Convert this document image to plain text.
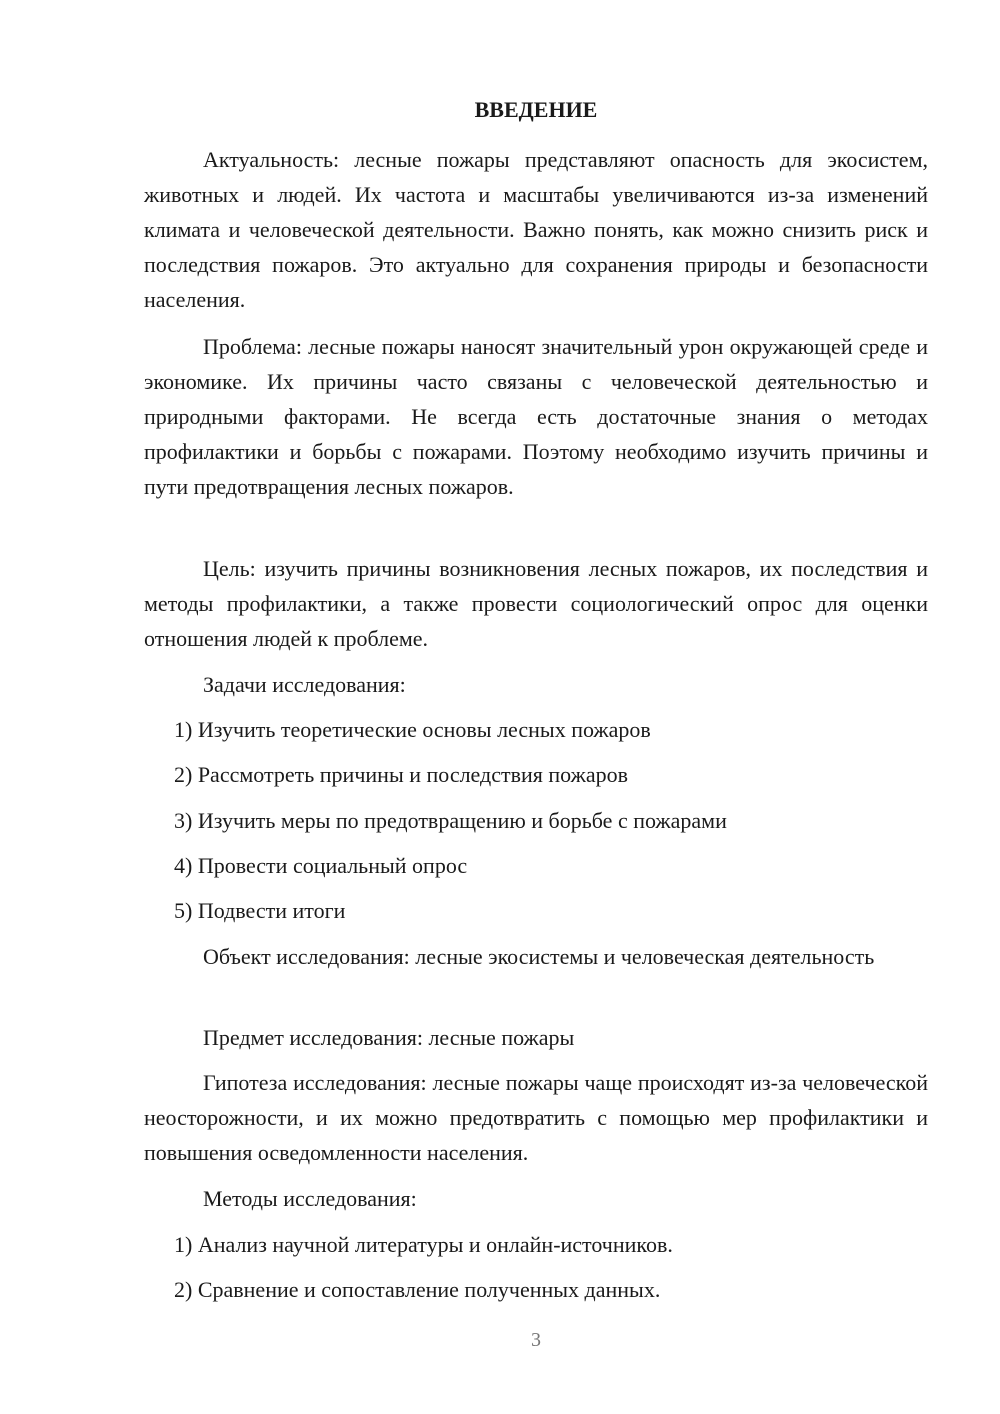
ВВЕДЕНИЕ

Актуальность: лесные пожары представляют опасность для экосистем, животных и людей. Их частота и масштабы увеличиваются из-за изменений климата и человеческой деятельности. Важно понять, как можно снизить риск и последствия пожаров. Это актуально для сохранения природы и безопасности населения.

Проблема: лесные пожары наносят значительный урон окружающей среде и экономике. Их причины часто связаны с человеческой деятельностью и природными факторами. Не всегда есть достаточные знания о методах профилактики и борьбы с пожарами. Поэтому необходимо изучить причины и пути предотвращения лесных пожаров.

Цель: изучить причины возникновения лесных пожаров, их последствия и методы профилактики, а также провести социологический опрос для оценки отношения людей к проблеме.

Задачи исследования:

1) Изучить теоретические основы лесных пожаров

2) Рассмотреть причины и последствия пожаров

3) Изучить меры по предотвращению и борьбе с пожарами

4) Провести социальный опрос

5) Подвести итоги

Объект исследования: лесные экосистемы и человеческая деятельность

Предмет исследования: лесные пожары

Гипотеза исследования: лесные пожары чаще происходят из-за человеческой неосторожности, и их можно предотвратить с помощью мер профилактики и повышения осведомленности населения.

Методы исследования:

1) Анализ научной литературы и онлайн-источников.

2) Сравнение и сопоставление полученных данных.

3
